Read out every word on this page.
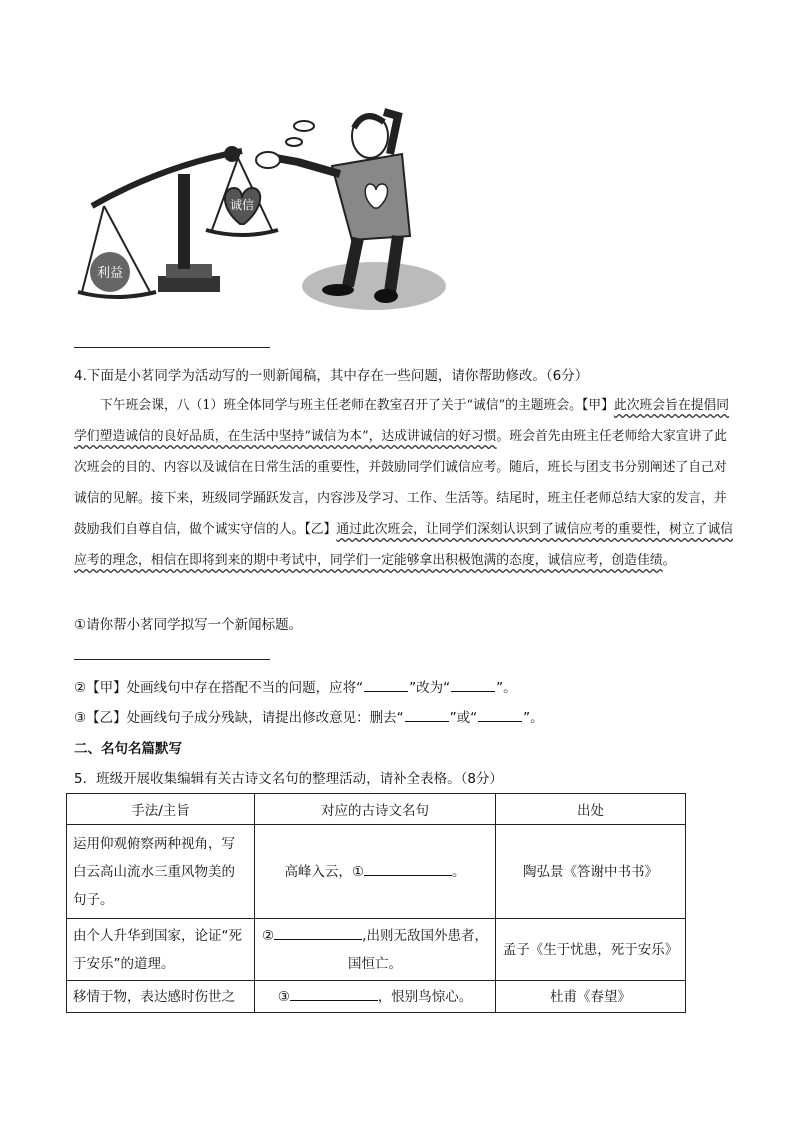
利益
诚信
4.下面是小茗同学为活动写的一则新闻稿，其中存在一些问题，请你帮助修改。（6分）
下午班会课，八（1）班全体同学与班主任老师在教室召开了关于“诚信”的主题班会。【甲】此次班会旨在提倡同学们塑造诚信的良好品质，在生活中坚持“诚信为本”，达成讲诚信的好习惯。班会首先由班主任老师给大家宣讲了此次班会的目的、内容以及诚信在日常生活的重要性，并鼓励同学们诚信应考。随后，班长与团支书分别阐述了自己对诚信的见解。接下来，班级同学踊跃发言，内容涉及学习、工作、生活等。结尾时，班主任老师总结大家的发言，并鼓励我们自尊自信，做个诚实守信的人。【乙】通过此次班会，让同学们深刻认识到了诚信应考的重要性，树立了诚信应考的理念，相信在即将到来的期中考试中，同学们一定能够拿出积极饱满的态度，诚信应考，创造佳绩。
①请你帮小茗同学拟写一个新闻标题。
②【甲】处画线句中存在搭配不当的问题，应将“	”改为“	”。
③【乙】处画线句子成分残缺，请提出修改意见：删去“	”或“	”。
二、名句名篇默写
5．班级开展收集编辑有关古诗文名句的整理活动，请补全表格。（8分）
手法/主旨	对应的古诗文名句	出处
运用仰观俯察两种视角，写白云高山流水三重风物美的句子。	高峰入云，① 。	陶弘景《答谢中书书》
由个人升华到国家，论证“死于安乐”的道理。	② ,出则无敌国外患者，国恒亡。	孟子《生于忧患，死于安乐》
移情于物，表达感时伤世之	③ ，恨别鸟惊心。	杜甫《春望》
